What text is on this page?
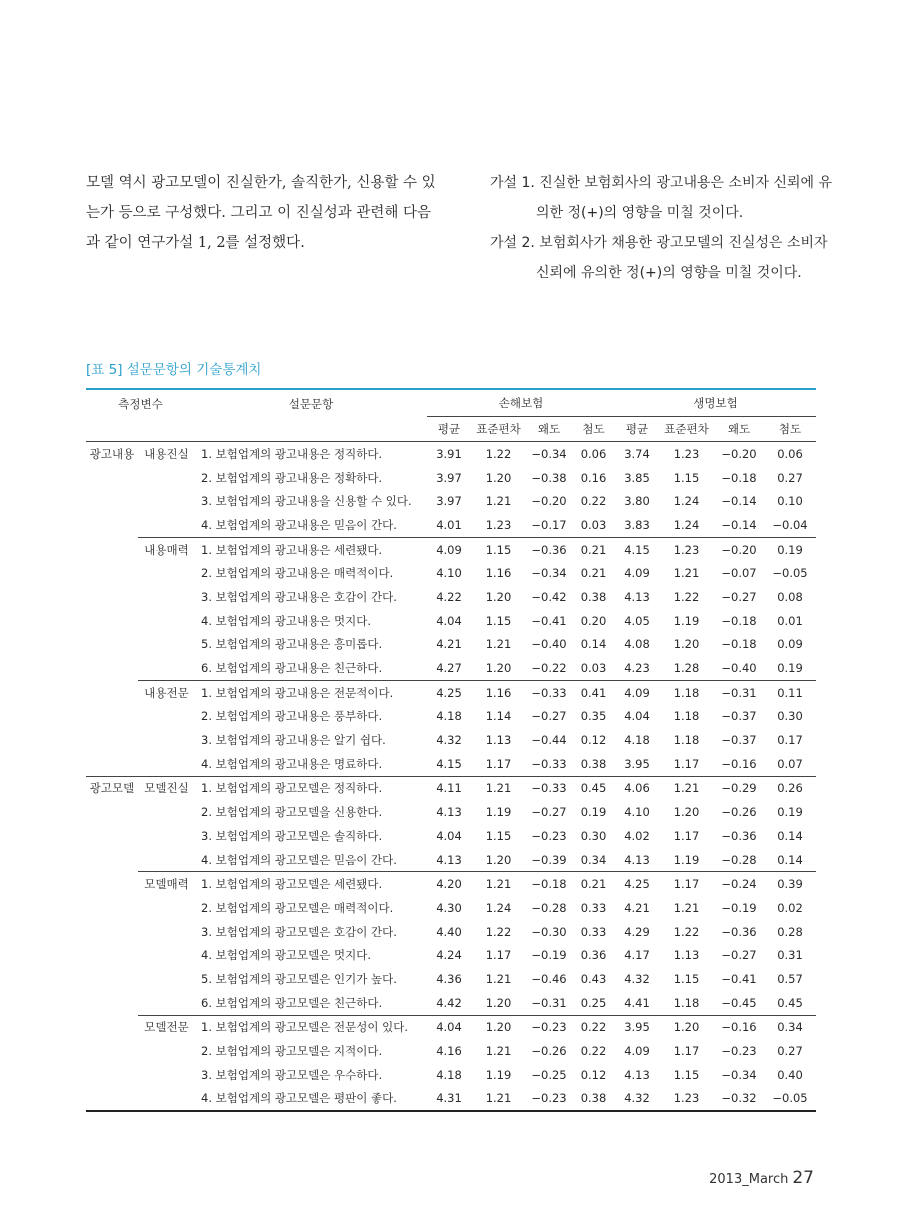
모델 역시 광고모델이 진실한가, 솔직한가, 신용할 수 있

는가 등으로 구성했다. 그리고 이 진실성과 관련해 다음

과 같이 연구가설 1, 2를 설정했다.

가설 1. 진실한 보험회사의 광고내용은 소비자 신뢰에 유
의한 정(+)의 영향을 미칠 것이다.
가설 2. 보험회사가 채용한 광고모델의 진실성은 소비자
신뢰에 유의한 정(+)의 영향을 미칠 것이다.
[표 5] 설문문항의 기술통계치
측정변수		설문문항	손해보험				생명보험			
			평균	표준편차	왜도	첨도	평균	표준편차	왜도	첨도
광고내용	내용진실	1. 보험업계의 광고내용은 정직하다.	3.91	1.22	−0.34	0.06	3.74	1.23	−0.20	0.06
		2. 보험업계의 광고내용은 정확하다.	3.97	1.20	−0.38	0.16	3.85	1.15	−0.18	0.27
		3. 보험업계의 광고내용을 신용할 수 있다.	3.97	1.21	−0.20	0.22	3.80	1.24	−0.14	0.10
		4. 보험업계의 광고내용은 믿음이 간다.	4.01	1.23	−0.17	0.03	3.83	1.24	−0.14	−0.04
	내용매력	1. 보험업계의 광고내용은 세련됐다.	4.09	1.15	−0.36	0.21	4.15	1.23	−0.20	0.19
		2. 보험업계의 광고내용은 매력적이다.	4.10	1.16	−0.34	0.21	4.09	1.21	−0.07	−0.05
		3. 보험업계의 광고내용은 호감이 간다.	4.22	1.20	−0.42	0.38	4.13	1.22	−0.27	0.08
		4. 보험업계의 광고내용은 멋지다.	4.04	1.15	−0.41	0.20	4.05	1.19	−0.18	0.01
		5. 보험업계의 광고내용은 흥미롭다.	4.21	1.21	−0.40	0.14	4.08	1.20	−0.18	0.09
		6. 보험업계의 광고내용은 친근하다.	4.27	1.20	−0.22	0.03	4.23	1.28	−0.40	0.19
	내용전문	1. 보험업계의 광고내용은 전문적이다.	4.25	1.16	−0.33	0.41	4.09	1.18	−0.31	0.11
		2. 보험업계의 광고내용은 풍부하다.	4.18	1.14	−0.27	0.35	4.04	1.18	−0.37	0.30
		3. 보험업계의 광고내용은 알기 쉽다.	4.32	1.13	−0.44	0.12	4.18	1.18	−0.37	0.17
		4. 보험업계의 광고내용은 명료하다.	4.15	1.17	−0.33	0.38	3.95	1.17	−0.16	0.07
광고모델	모델진실	1. 보험업계의 광고모델은 정직하다.	4.11	1.21	−0.33	0.45	4.06	1.21	−0.29	0.26
		2. 보험업계의 광고모델을 신용한다.	4.13	1.19	−0.27	0.19	4.10	1.20	−0.26	0.19
		3. 보험업계의 광고모델은 솔직하다.	4.04	1.15	−0.23	0.30	4.02	1.17	−0.36	0.14
		4. 보험업계의 광고모델은 믿음이 간다.	4.13	1.20	−0.39	0.34	4.13	1.19	−0.28	0.14
	모델매력	1. 보험업계의 광고모델은 세련됐다.	4.20	1.21	−0.18	0.21	4.25	1.17	−0.24	0.39
		2. 보험업계의 광고모델은 매력적이다.	4.30	1.24	−0.28	0.33	4.21	1.21	−0.19	0.02
		3. 보험업계의 광고모델은 호감이 간다.	4.40	1.22	−0.30	0.33	4.29	1.22	−0.36	0.28
		4. 보험업계의 광고모델은 멋지다.	4.24	1.17	−0.19	0.36	4.17	1.13	−0.27	0.31
		5. 보험업계의 광고모델은 인기가 높다.	4.36	1.21	−0.46	0.43	4.32	1.15	−0.41	0.57
		6. 보험업계의 광고모델은 친근하다.	4.42	1.20	−0.31	0.25	4.41	1.18	−0.45	0.45
	모델전문	1. 보험업계의 광고모델은 전문성이 있다.	4.04	1.20	−0.23	0.22	3.95	1.20	−0.16	0.34
		2. 보험업계의 광고모델은 지적이다.	4.16	1.21	−0.26	0.22	4.09	1.17	−0.23	0.27
		3. 보험업계의 광고모델은 우수하다.	4.18	1.19	−0.25	0.12	4.13	1.15	−0.34	0.40
		4. 보험업계의 광고모델은 평판이 좋다.	4.31	1.21	−0.23	0.38	4.32	1.23	−0.32	−0.05
2013_March 27
